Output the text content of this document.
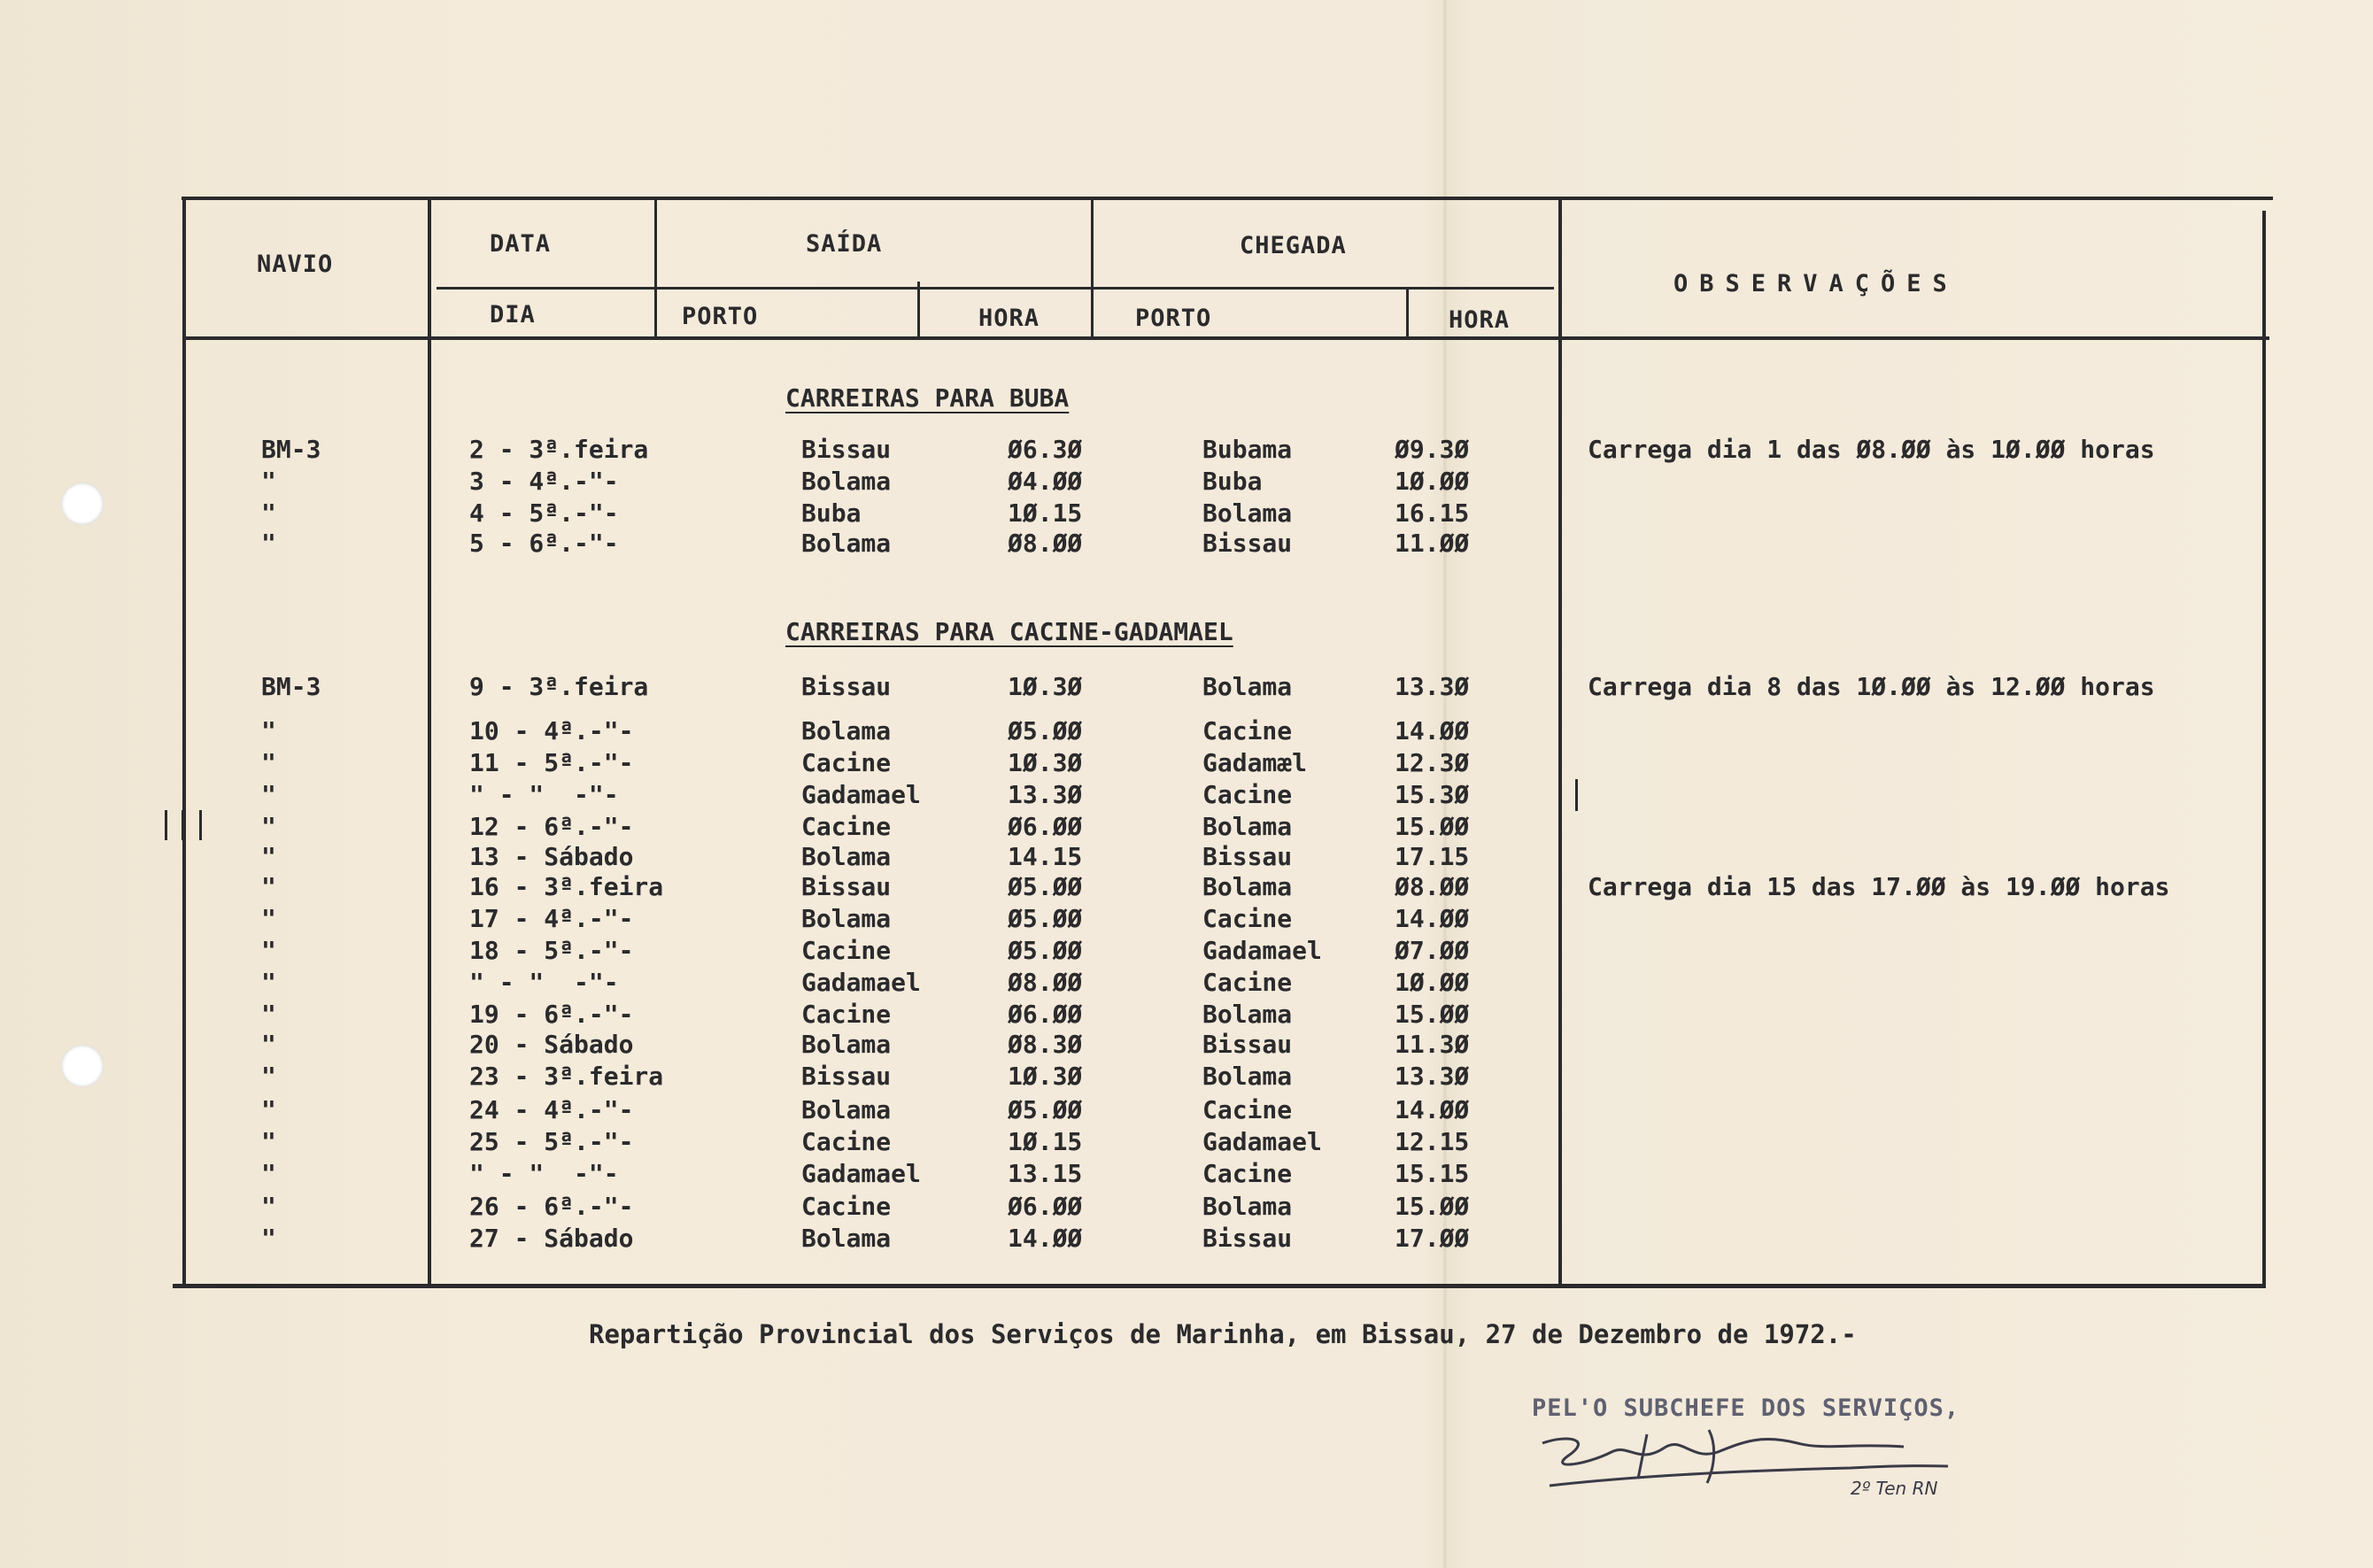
NAVIO
DATA
DIA
SAÍDA	CHEGADA
PORTO	HORA	PORTO	HORA
OBSERVAÇÕES
CARREIRAS PARA BUBA
BM-3	2 - 3ª.feira	Bissau	Ø6.3Ø	Bubama	Ø9.3Ø	Carrega dia 1 das Ø8.ØØ às 1Ø.ØØ horas
"	3 - 4ª.-"-	Bolama	Ø4.ØØ	Buba	1Ø.ØØ
"	4 - 5ª.-"-	Buba	1Ø.15	Bolama	16.15
"	5 - 6ª.-"-	Bolama	Ø8.ØØ	Bissau	11.ØØ
CARREIRAS PARA CACINE-GADAMAEL
BM-3	9 - 3ª.feira	Bissau	1Ø.3Ø	Bolama	13.3Ø	Carrega dia 8 das 1Ø.ØØ às 12.ØØ horas
"	10 - 4ª.-"-	Bolama	Ø5.ØØ	Cacine	14.ØØ
"	11 - 5ª.-"-	Cacine	1Ø.3Ø	Gadamæl	12.3Ø
"	" - "  -"-	Gadamael	13.3Ø	Cacine	15.3Ø
"	12 - 6ª.-"-	Cacine	Ø6.ØØ	Bolama	15.ØØ
"	13 - Sábado	Bolama	14.15	Bissau	17.15
"	16 - 3ª.feira	Bissau	Ø5.ØØ	Bolama	Ø8.ØØ	Carrega dia 15 das 17.ØØ às 19.ØØ horas
"	17 - 4ª.-"-	Bolama	Ø5.ØØ	Cacine	14.ØØ
"	18 - 5ª.-"-	Cacine	Ø5.ØØ	Gadamael	Ø7.ØØ
"	" - "  -"-	Gadamael	Ø8.ØØ	Cacine	1Ø.ØØ
"	19 - 6ª.-"-	Cacine	Ø6.ØØ	Bolama	15.ØØ
"	20 - Sábado	Bolama	Ø8.3Ø	Bissau	11.3Ø
"	23 - 3ª.feira	Bissau	1Ø.3Ø	Bolama	13.3Ø
"	24 - 4ª.-"-	Bolama	Ø5.ØØ	Cacine	14.ØØ
"	25 - 5ª.-"-	Cacine	1Ø.15	Gadamael	12.15
"	" - "  -"-	Gadamael	13.15	Cacine	15.15
"	26 - 6ª.-"-	Cacine	Ø6.ØØ	Bolama	15.ØØ
"	27 - Sábado	Bolama	14.ØØ	Bissau	17.ØØ
Repartição Provincial dos Serviços de Marinha, em Bissau, 27 de Dezembro de 1972.-
PEL'O SUBCHEFE DOS SERVIÇOS,
2º Ten RN
